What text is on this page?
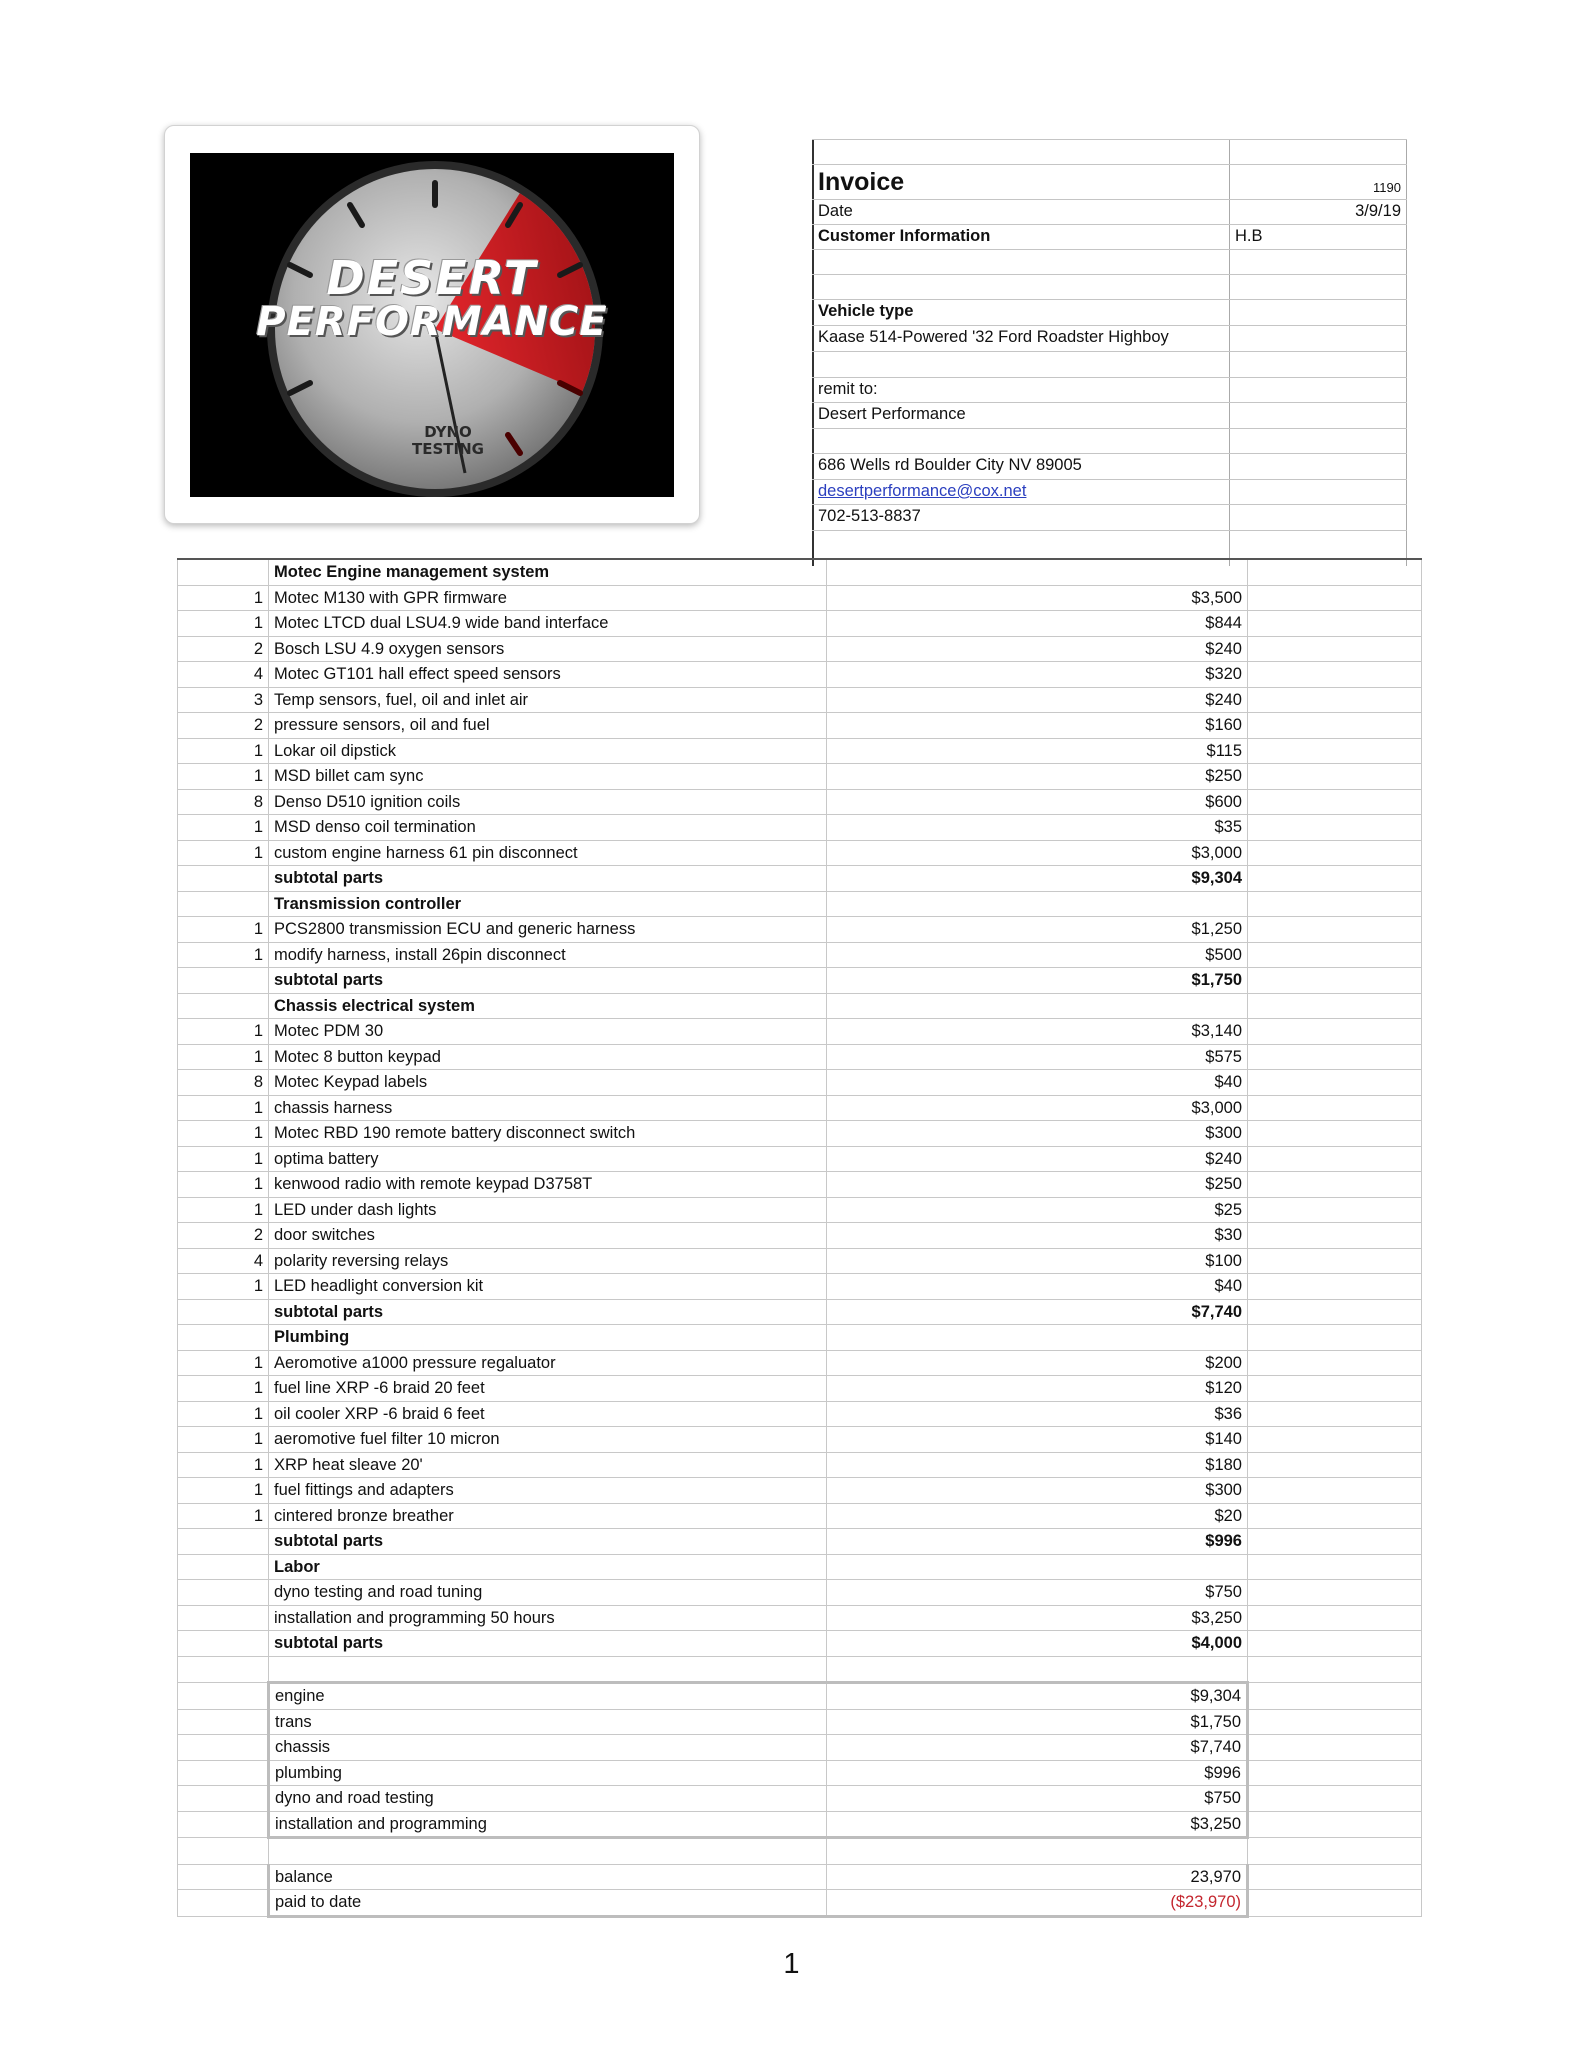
DESERT
PERFORMANCE
DYNO
TESTING
Invoice	1190
Date	3/9/19
Customer Information	H.B
Vehicle type
Kaase 514-Powered '32 Ford Roadster Highboy
remit to:
Desert Performance
686 Wells rd Boulder City NV 89005
desertperformance@cox.net
702-513-8837
	Motec Engine management system		
1	Motec M130 with GPR firmware	$3,500	
1	Motec LTCD dual LSU4.9 wide band interface	$844	
2	Bosch LSU 4.9 oxygen sensors	$240	
4	Motec GT101 hall effect speed sensors	$320	
3	Temp sensors, fuel, oil and inlet air	$240	
2	pressure sensors, oil and fuel	$160	
1	Lokar oil dipstick	$115	
1	MSD billet cam sync	$250	
8	Denso D510 ignition coils	$600	
1	MSD denso coil termination	$35	
1	custom engine harness 61 pin disconnect	$3,000	
	subtotal parts	$9,304	
	Transmission controller		
1	PCS2800 transmission ECU and generic harness	$1,250	
1	modify harness, install 26pin disconnect	$500	
	subtotal parts	$1,750	
	Chassis electrical system		
1	Motec PDM 30	$3,140	
1	Motec 8 button keypad	$575	
8	Motec Keypad labels	$40	
1	chassis harness	$3,000	
1	Motec RBD 190 remote battery disconnect switch	$300	
1	optima battery	$240	
1	kenwood radio with remote keypad D3758T	$250	
1	LED under dash lights	$25	
2	door switches	$30	
4	polarity reversing relays	$100	
1	LED headlight conversion kit	$40	
	subtotal parts	$7,740	
	Plumbing		
1	Aeromotive a1000 pressure regaluator	$200	
1	fuel line XRP -6 braid 20 feet	$120	
1	oil cooler XRP -6 braid 6 feet	$36	
1	aeromotive fuel filter 10 micron	$140	
1	XRP heat sleave 20'	$180	
1	fuel fittings and adapters	$300	
1	cintered bronze breather	$20	
	subtotal parts	$996	
	Labor		
	dyno testing and road tuning	$750	
	installation and programming 50 hours	$3,250	
	subtotal parts	$4,000	

	engine	$9,304	
	trans	$1,750	
	chassis	$7,740	
	plumbing	$996	
	dyno and road testing	$750	
	installation and programming	$3,250	

	balance	23,970	
	paid to date	($23,970)	
1
